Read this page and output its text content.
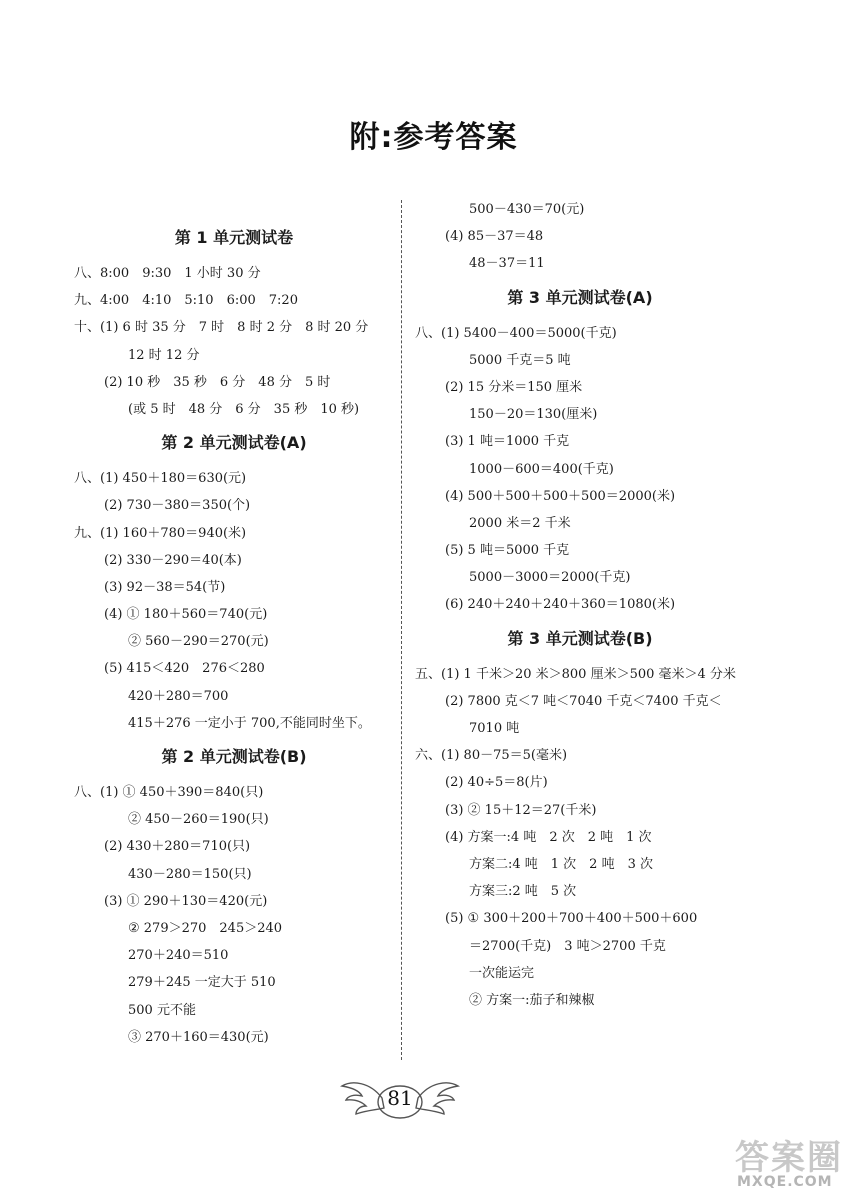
附:参考答案
第 1 单元测试卷
八、8:00　9:30　1 小时 30 分
九、4:00　4:10　5:10　6:00　7:20
十、(1) 6 时 35 分　7 时　8 时 2 分　8 时 20 分
12 时 12 分
(2) 10 秒　35 秒　6 分　48 分　5 时
(或 5 时　48 分　6 分　35 秒　10 秒)
第 2 单元测试卷(A)
八、(1) 450＋180＝630(元)
(2) 730－380＝350(个)
九、(1) 160＋780＝940(米)
(2) 330－290＝40(本)
(3) 92－38＝54(节)
(4) ① 180＋560＝740(元)
② 560－290＝270(元)
(5) 415＜420　276＜280
420＋280＝700
415＋276 一定小于 700,不能同时坐下。
第 2 单元测试卷(B)
八、(1) ① 450＋390＝840(只)
② 450－260＝190(只)
(2) 430＋280＝710(只)
430－280＝150(只)
(3) ① 290＋130＝420(元)
② 279＞270　245＞240
270＋240＝510
279＋245 一定大于 510
500 元不能
③ 270＋160＝430(元)
500－430＝70(元)
(4) 85－37＝48
48－37＝11
第 3 单元测试卷(A)
八、(1) 5400－400＝5000(千克)
5000 千克＝5 吨
(2) 15 分米＝150 厘米
150－20＝130(厘米)
(3) 1 吨＝1000 千克
1000－600＝400(千克)
(4) 500＋500＋500＋500＝2000(米)
2000 米＝2 千米
(5) 5 吨＝5000 千克
5000－3000＝2000(千克)
(6) 240＋240＋240＋360＝1080(米)
第 3 单元测试卷(B)
五、(1) 1 千米＞20 米＞800 厘米＞500 毫米＞4 分米
(2) 7800 克＜7 吨＜7040 千克＜7400 千克＜
7010 吨
六、(1) 80－75＝5(毫米)
(2) 40÷5＝8(片)
(3) ② 15＋12＝27(千米)
(4) 方案一:4 吨　2 次　2 吨　1 次
方案二:4 吨　1 次　2 吨　3 次
方案三:2 吨　5 次
(5) ① 300＋200＋700＋400＋500＋600
＝2700(千克)　3 吨＞2700 千克
一次能运完
② 方案一:茄子和辣椒
81
答案圈
MXQE.COM
